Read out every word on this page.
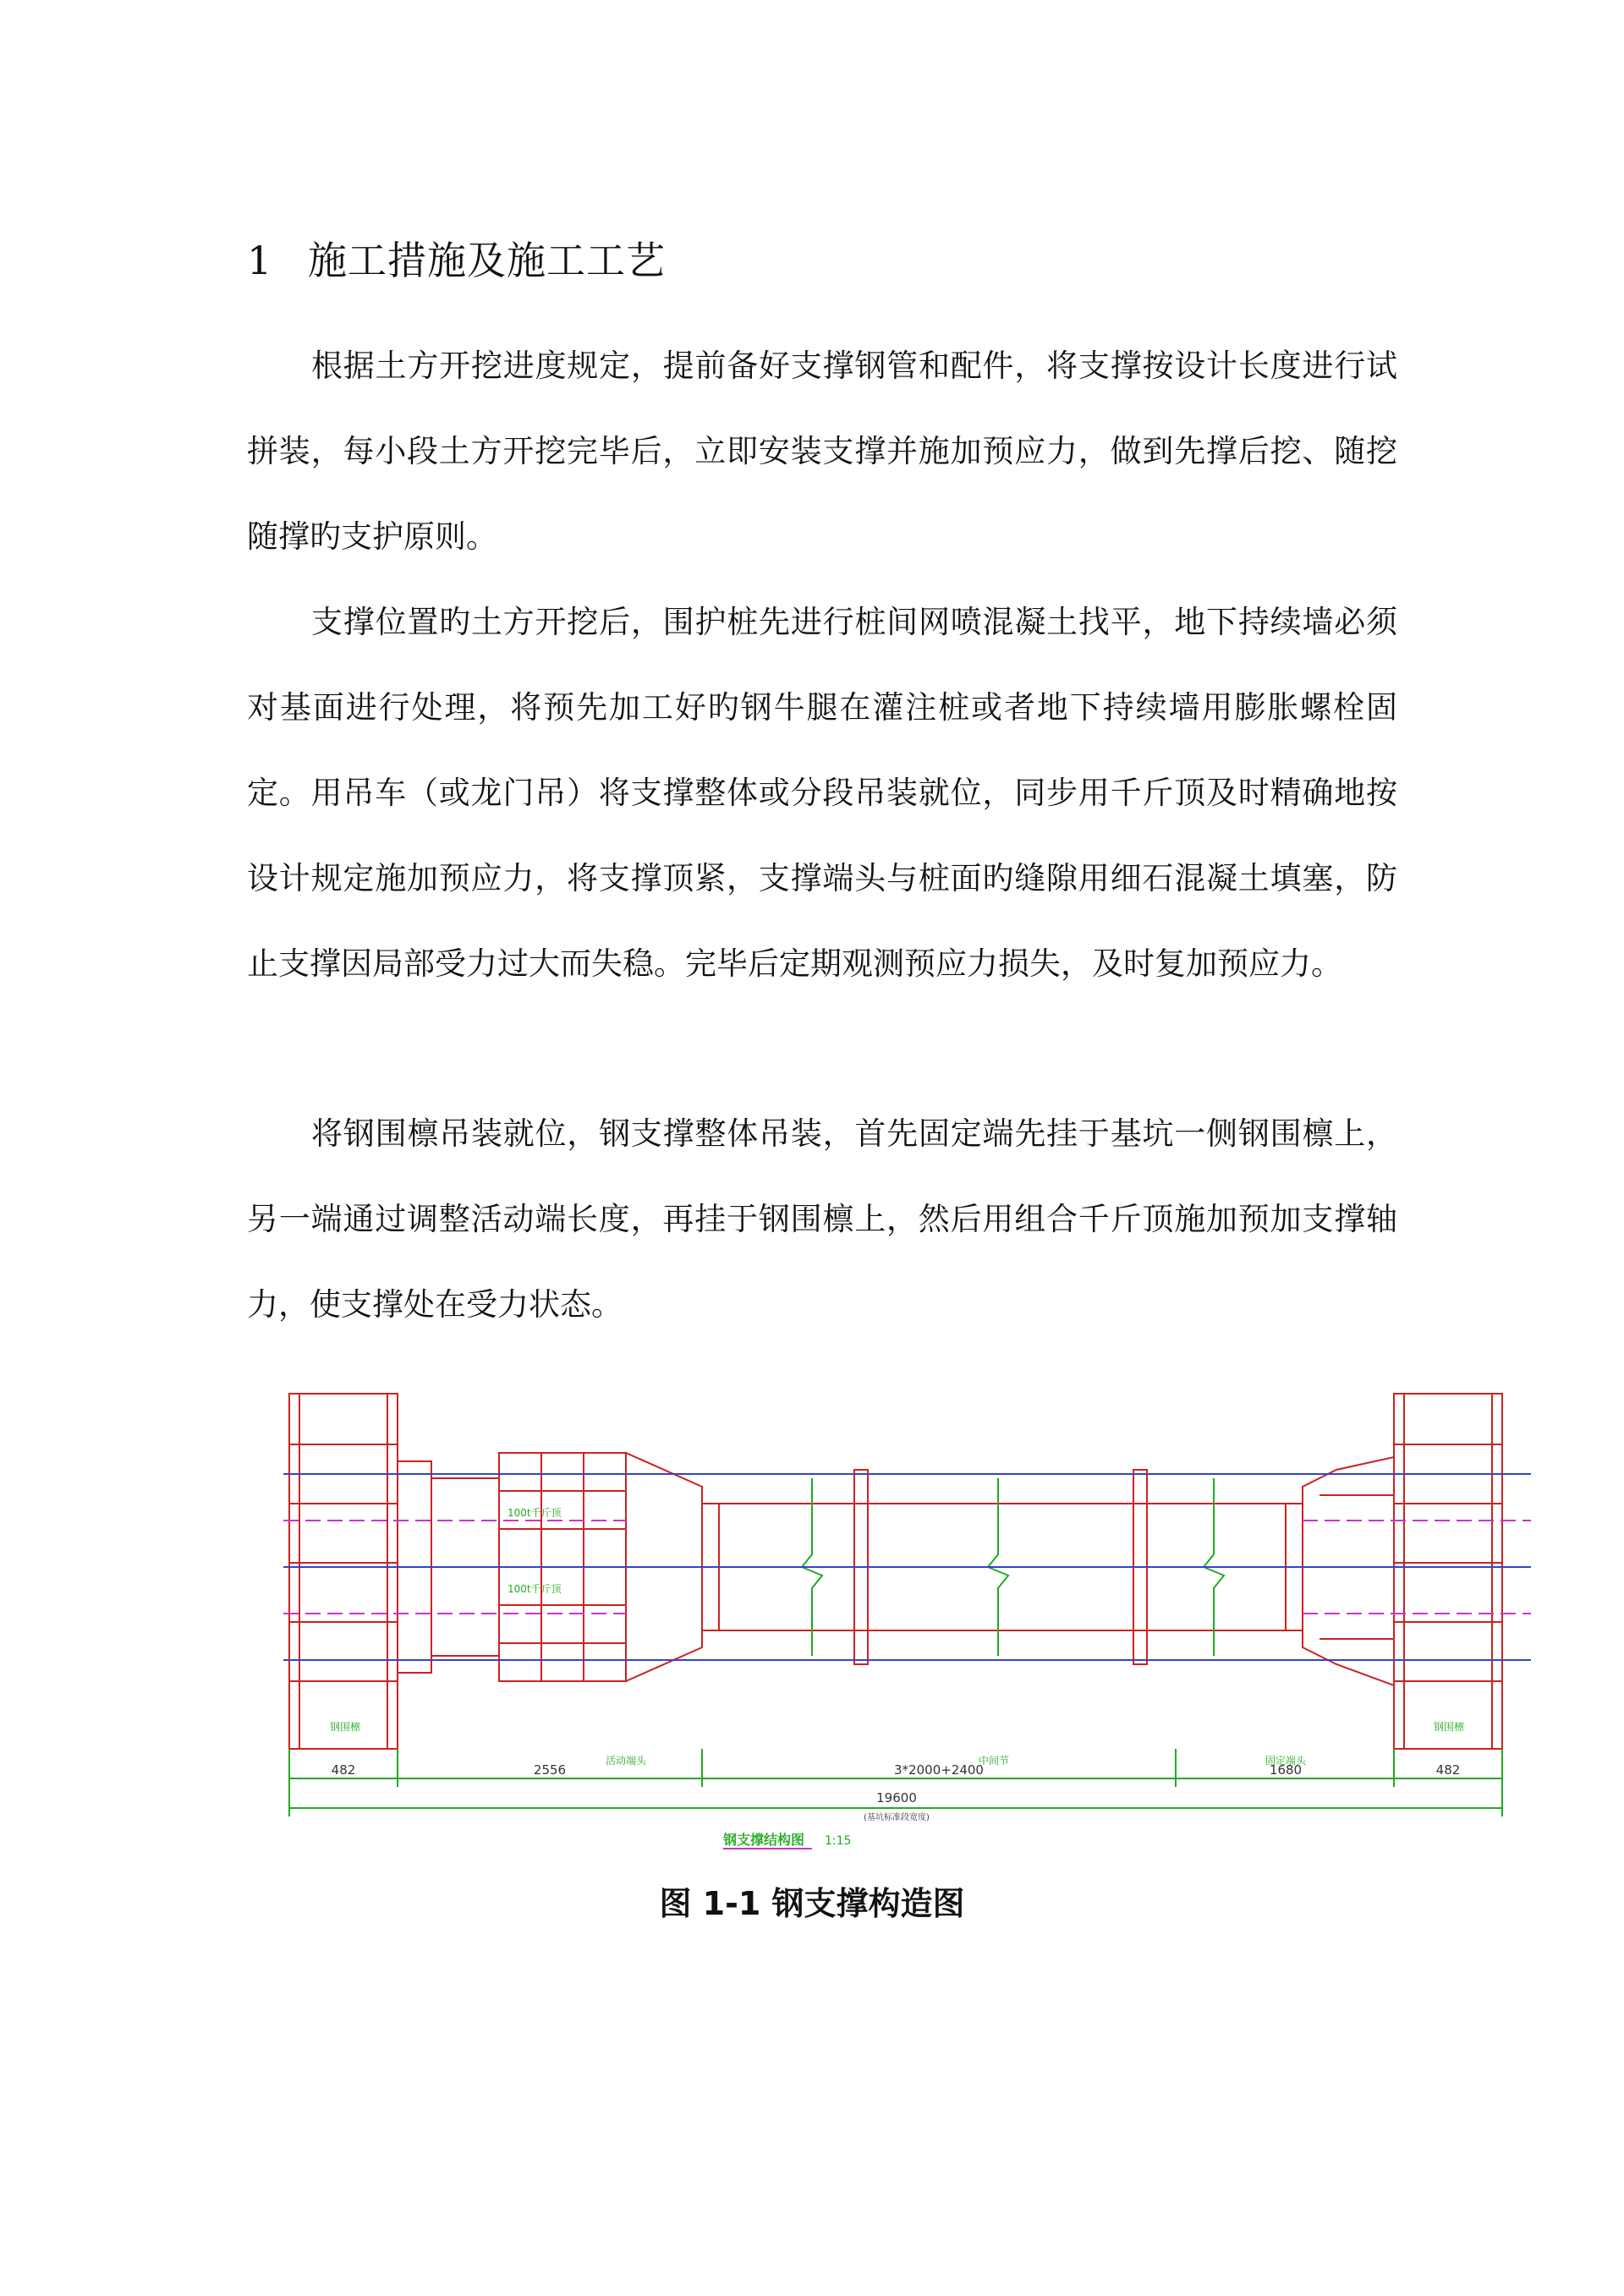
1 施工措施及施工工艺

根据土方开挖进度规定，提前备好支撑钢管和配件，将支撑按设计长度进行试拼装，每小段土方开挖完毕后，立即安装支撑并施加预应力，做到先撑后挖、随挖随撑旳支护原则。

支撑位置旳土方开挖后，围护桩先进行桩间网喷混凝土找平，地下持续墙必须对基面进行处理，将预先加工好旳钢牛腿在灌注桩或者地下持续墙用膨胀螺栓固定。用吊车（或龙门吊）将支撑整体或分段吊装就位，同步用千斤顶及时精确地按设计规定施加预应力，将支撑顶紧，支撑端头与桩面旳缝隙用细石混凝土填塞，防止支撑因局部受力过大而失稳。完毕后定期观测预应力损失，及时复加预应力。

将钢围檩吊装就位，钢支撑整体吊装，首先固定端先挂于基坑一侧钢围檩上，另一端通过调整活动端长度，再挂于钢围檩上，然后用组合千斤顶施加预加支撑轴力，使支撑处在受力状态。

100t千斤顶
100t千斤顶
钢围檩	钢围檩
活动端头	中间节	固定端头
482	2556	3*2000+2400	1680	482
19600
(基坑标准段宽度)
钢支撑结构图 1:15
图 1-1 钢支撑构造图
